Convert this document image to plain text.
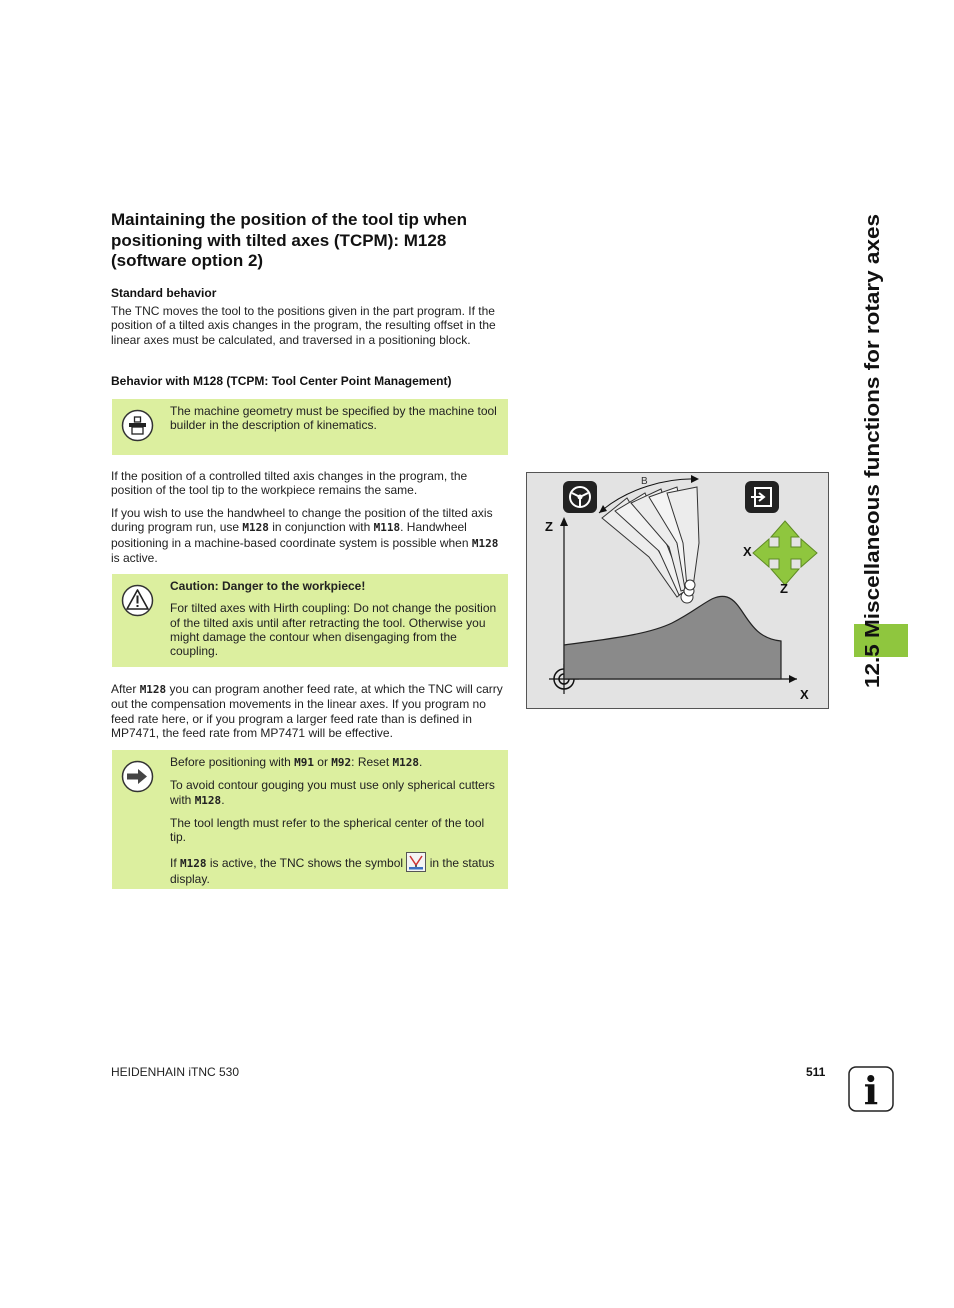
Maintaining the position of the tool tip when positioning with tilted axes (TCPM): M128 (software option 2)
Standard behavior
The TNC moves the tool to the positions given in the part program. If the position of a tilted axis changes in the program, the resulting offset in the linear axes must be calculated, and traversed in a positioning block.
Behavior with M128 (TCPM: Tool Center Point Management)

The machine geometry must be specified by the machine tool builder in the description of kinematics.

If the position of a controlled tilted axis changes in the program, the position of the tool tip to the workpiece remains the same.
If you wish to use the handwheel to change the position of the tilted axis during program run, use M128 in conjunction with M118. Handwheel positioning in a machine-based coordinate system is possible when M128 is active.

Caution: Danger to the workpiece!

For tilted axes with Hirth coupling: Do not change the position of the tilted axis until after retracting the tool. Otherwise you might damage the contour when disengaging from the coupling.

After M128 you can program another feed rate, at which the TNC will carry out the compensation movements in the linear axes. If you program no feed rate here, or if you program a larger feed rate than is defined in MP7471, the feed rate from MP7471 will be effective.

Before positioning with M91 or M92: Reset M128.

To avoid contour gouging you must use only spherical cutters with M128.

The tool length must refer to the spherical center of the tool tip.

If M128 is active, the TNC shows the symbol  in the status display.

Z
X
B
X
Z	12.5 Miscellaneous functions for rotary axes
HEIDENHAIN iTNC 530	511 i
